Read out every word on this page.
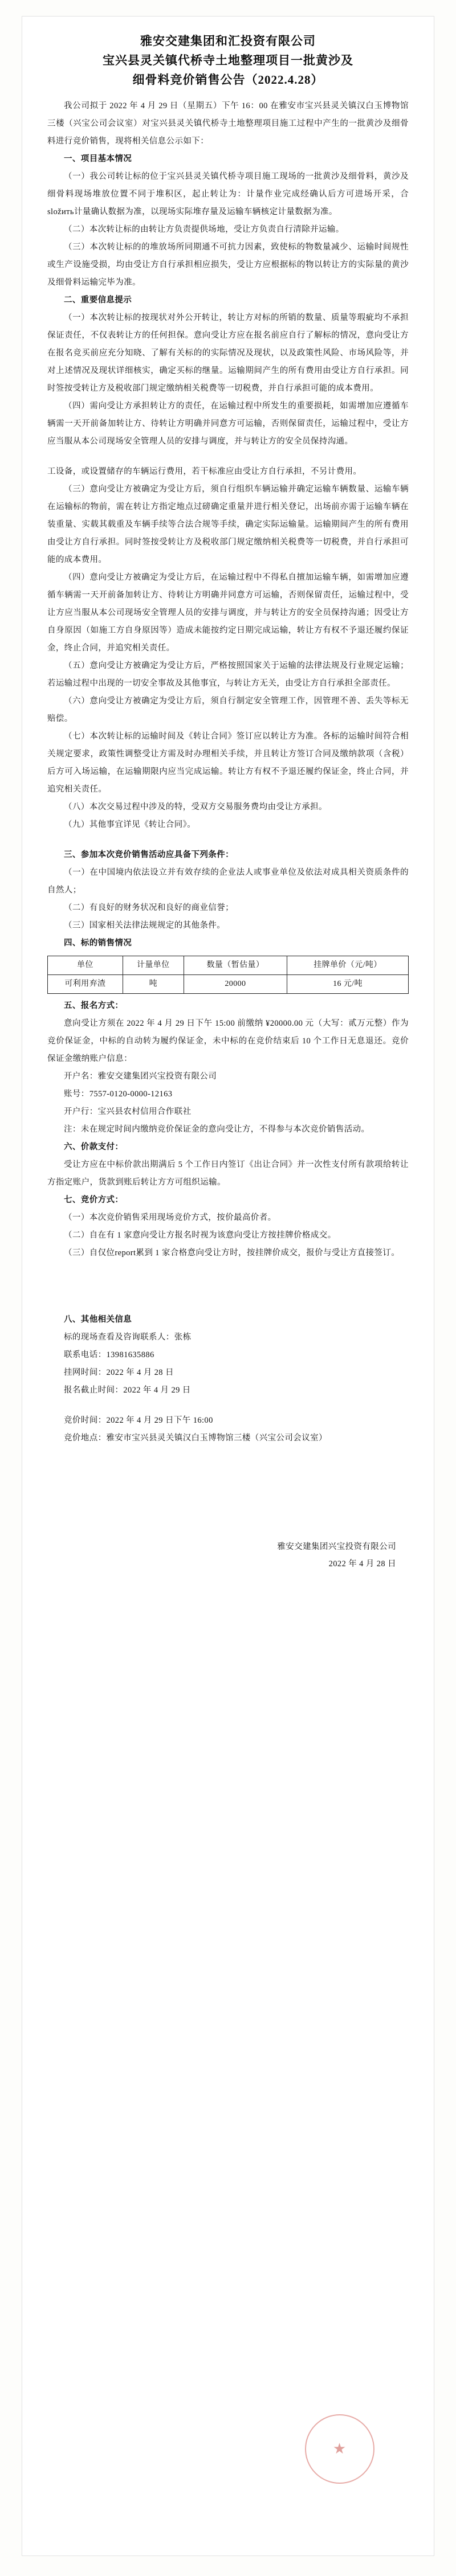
雅安交建集团和汇投资有限公司
宝兴县灵关镇代桥寺土地整理项目一批黄沙及
细骨料竞价销售公告（2022.4.28）

我公司拟于 2022 年 4 月 29 日（星期五）下午 16：00 在雅安市宝兴县灵关镇汉白玉博物馆三楼（兴宝公司会议室）对宝兴县灵关镇代桥寺土地整理项目施工过程中产生的一批黄沙及细骨料进行竞价销售，现将相关信息公示如下：

一、项目基本情况

（一）我公司转让标的位于宝兴县灵关镇代桥寺项目施工现场的一批黄沙及细骨料，黄沙及细骨料现场堆放位置不同于堆积区，起止转让为：计量作业完成经确认后方可进场开采，合složить计量确认数据为准，以现场实际堆存量及运输车辆核定计量数据为准。

（二）本次转让标的由转让方负责提供场地，受让方负责自行清除并运输。

（三）本次转让标的的堆放场所同期通不可抗力因素，致使标的物数量减少、运输时间规性或生产设施受损，均由受让方自行承担相应损失，受让方应根据标的物以转让方的实际量的黄沙及细骨料运输完毕为准。

二、重要信息提示

（一）本次转让标的按现状对外公开转让，转让方对标的所销的数量、质量等瑕疵均不承担保证责任，不仅表转让方的任何担保。意向受让方应在报名前应自行了解标的情况，意向受让方在报名竞买前应充分知晓、了解有关标的的实际情况及现状，以及政策性风险、市场风险等，并对上述情况及现状详细核实，确定买标的继量。运输期间产生的所有费用由受让方自行承担。同时签按受转让方及税收部门规定缴纳相关税费等一切税费，并自行承担可能的成本费用。

（四）需向受让方承担转让方的责任，在运输过程中所发生的重要损耗，如需增加应遵循车辆需一天开前备加转让方、待转让方明确并同意方可运输，否则保留责任，运输过程中，受让方应当服从本公司现场安全管理人员的安排与调度，并与转让方的安全员保持沟通。

工设备，或设置储存的车辆运行费用，若干标准应由受让方自行承担，不另计费用。

（三）意向受让方被确定为受让方后，须自行组织车辆运输并确定运输车辆数量、运输车辆在运输标的物前，需在转让方指定地点过磅确定重量并进行相关登记，出场前亦需于运输车辆在装重量、实载其载重及车辆手续等合法合规等手续，确定实际运输量。运输期间产生的所有费用由受让方自行承担。同时签按受转让方及税收部门规定缴纳相关税费等一切税费，并自行承担可能的成本费用。

（四）意向受让方被确定为受让方后，在运输过程中不得私自擅加运输车辆，如需增加应遵循车辆需一天开前备加转让方、待转让方明确并同意方可运输，否则保留责任，运输过程中，受让方应当服从本公司现场安全管理人员的安排与调度，并与转让方的安全员保持沟通；因受让方自身原因（如施工方自身原因等）造成未能按约定日期完成运输，转让方有权不予退还履约保证金，终止合同，并追究相关责任。

（五）意向受让方被确定为受让方后，严格按照国家关于运输的法律法规及行业规定运输；若运输过程中出现的一切安全事故及其他事宜，与转让方无关，由受让方自行承担全部责任。

（六）意向受让方被确定为受让方后，须自行制定安全管理工作，因管理不善、丢失等标无赔偿。

（七）本次转让标的运输时间及《转让合同》签订应以转让方为准。各标的运输时间符合相关规定要求，政策性调整受让方需及时办理相关手续，并且转让方签订合同及缴纳款项（含税）后方可入场运输，在运输期限内应当完成运输。转让方有权不予退还履约保证金，终止合同，并追究相关责任。

（八）本次交易过程中涉及的特，受双方交易服务费均由受让方承担。

（九）其他事宜详见《转让合同》。

三、参加本次竞价销售活动应具备下列条件：

（一）在中国境内依法设立并有效存续的企业法人或事业单位及依法对成具相关资质条件的自然人；

（二）有良好的财务状况和良好的商业信誉；

（三）国家相关法律法规规定的其他条件。

四、标的销售情况

单位	计量单位	数量（暂估量）	挂牌单价（元/吨）
可利用弃渣	吨	20000	16 元/吨

五、报名方式：

意向受让方须在 2022 年 4 月 29 日下午 15:00 前缴纳 ¥20000.00 元（大写：贰万元整）作为竞价保证金，中标的自动转为履约保证金，未中标的在竞价结束后 10 个工作日无息退还。竞价保证金缴纳账户信息：

开户名：雅安交建集团兴宝投资有限公司

账号：7557-0120-0000-12163

开户行：宝兴县农村信用合作联社

注：未在规定时间内缴纳竞价保证金的意向受让方，不得参与本次竞价销售活动。

六、价款支付：

受让方应在中标价款出期满后 5 个工作日内签订《出让合同》并一次性支付所有款项给转让方指定账户，货款到账后转让方方可组织运输。

七、竞价方式：

（一）本次竞价销售采用现场竞价方式，按价最高价者。

（二）自在有 1 家意向受让方报名时视为该意向受让方按挂牌价格成交。

（三）自仅位report累到 1 家合格意向受让方时，按挂牌价成交，报价与受让方直接签订。

八、其他相关信息

标的现场查看及咨询联系人：张栋

联系电话：13981635886

挂网时间：2022 年 4 月 28 日

报名截止时间：2022 年 4 月 29 日

竞价时间：2022 年 4 月 29 日下午 16:00

竞价地点：雅安市宝兴县灵关镇汉白玉博物馆三楼（兴宝公司会议室）

雅安交建集团兴宝投资有限公司
2022 年 4 月 28 日
★
